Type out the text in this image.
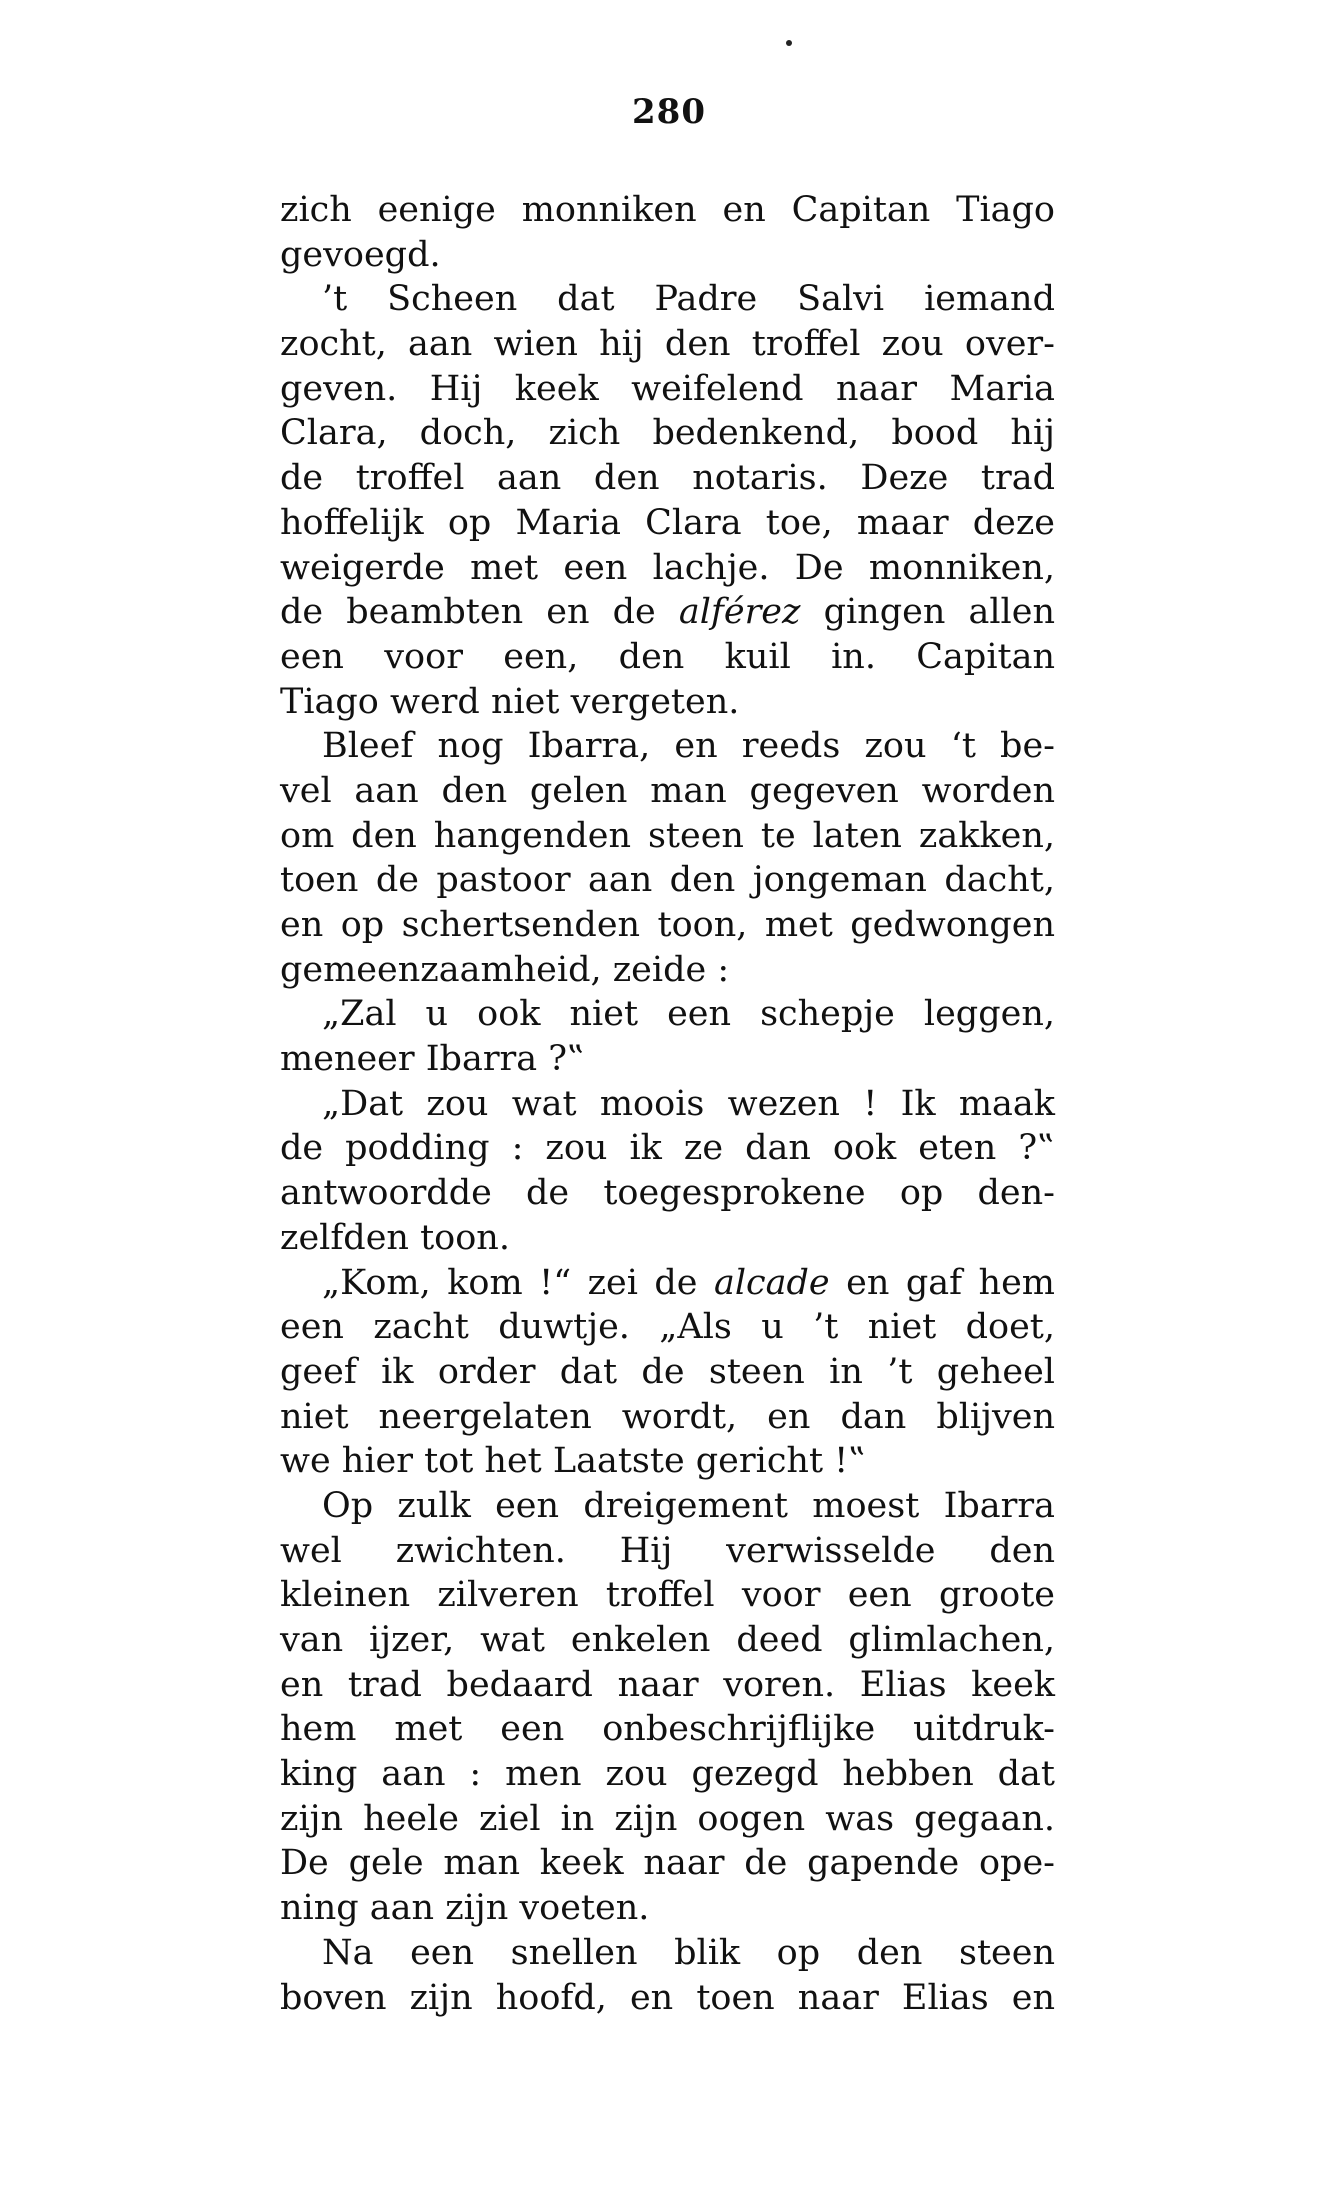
280
zich eenige monniken en Capitan Tiago
gevoegd.
’t Scheen dat Padre Salvi iemand
zocht, aan wien hij den troffel zou over-
geven. Hij keek weifelend naar Maria
Clara, doch, zich bedenkend, bood hij
de troffel aan den notaris. Deze trad
hoffelijk op Maria Clara toe, maar deze
weigerde met een lachje. De monniken,
de beambten en de alférez gingen allen
een voor een, den kuil in. Capitan
Tiago werd niet vergeten.
Bleef nog Ibarra, en reeds zou ‘t be-
vel aan den gelen man gegeven worden
om den hangenden steen te laten zakken,
toen de pastoor aan den jongeman dacht,
en op schertsenden toon, met gedwongen
gemeenzaamheid, zeide :
„Zal u ook niet een schepje leggen,
meneer Ibarra ?‟
„Dat zou wat moois wezen ! Ik maak
de podding : zou ik ze dan ook eten ?‟
antwoordde de toegesprokene op den-
zelfden toon.
„Kom, kom !“ zei de alcade en gaf hem
een zacht duwtje. „Als u ’t niet doet,
geef ik order dat de steen in ’t geheel
niet neergelaten wordt, en dan blijven
we hier tot het Laatste gericht !‟
Op zulk een dreigement moest Ibarra
wel zwichten. Hij verwisselde den
kleinen zilveren troffel voor een groote
van ijzer, wat enkelen deed glimlachen,
en trad bedaard naar voren. Elias keek
hem met een onbeschrijflijke uitdruk-
king aan : men zou gezegd hebben dat
zijn heele ziel in zijn oogen was gegaan.
De gele man keek naar de gapende ope-
ning aan zijn voeten.
Na een snellen blik op den steen
boven zijn hoofd, en toen naar Elias en
